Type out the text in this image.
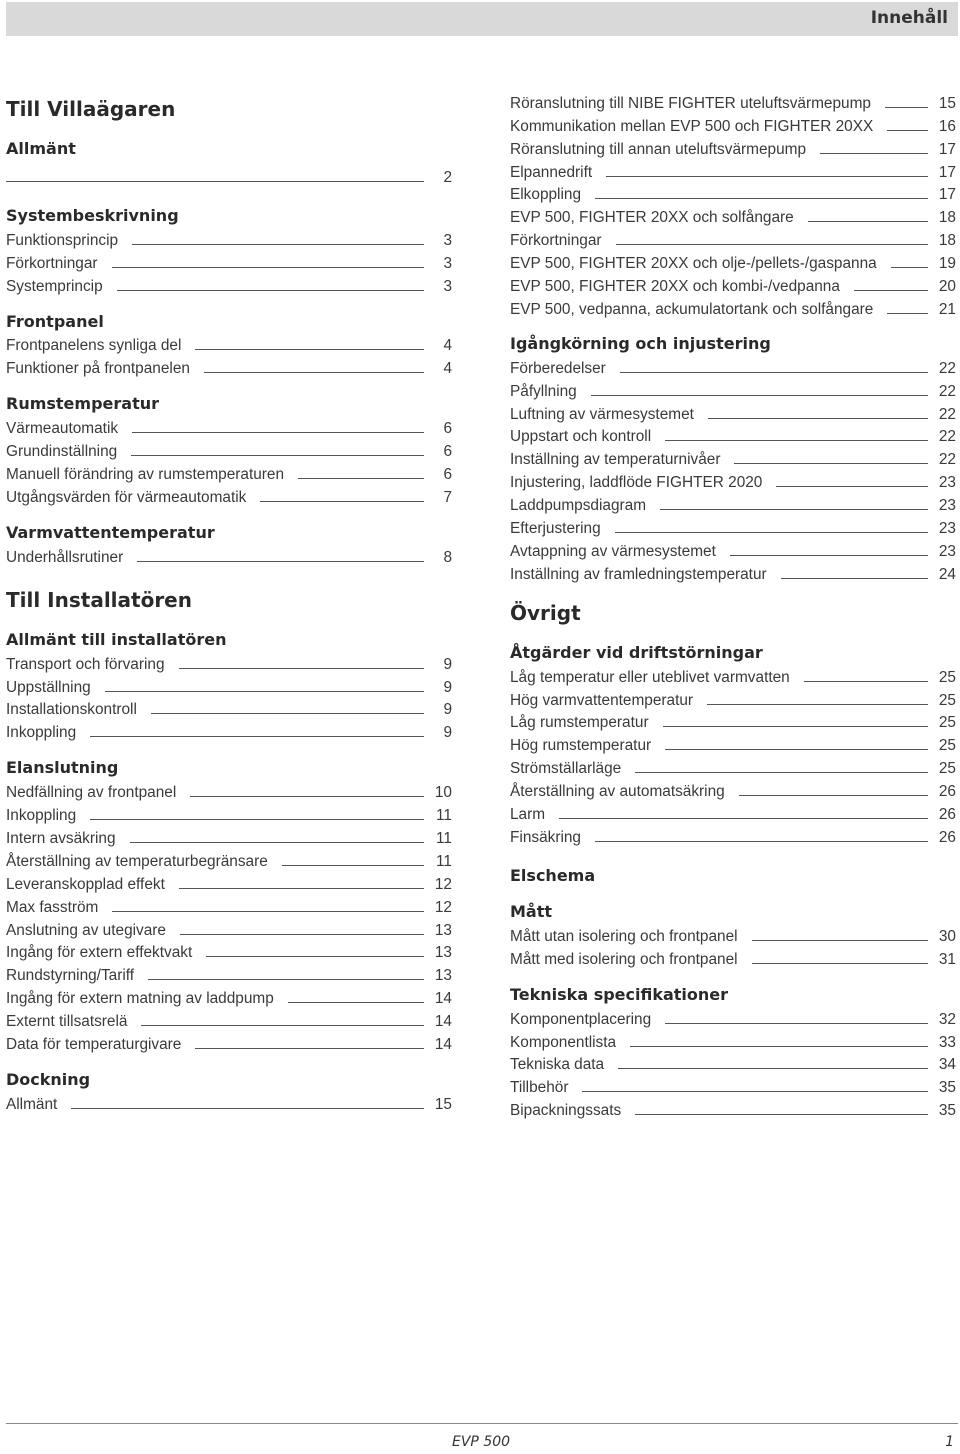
Innehåll
Till Villaägaren
Allmänt
2
Systembeskrivning
Funktionsprincip	3
Förkortningar	3
Systemprincip	3
Frontpanel
Frontpanelens synliga del	4
Funktioner på frontpanelen	4
Rumstemperatur
Värmeautomatik	6
Grundinställning	6
Manuell förändring av rumstemperaturen	6
Utgångsvärden för värmeautomatik	7
Varmvattentemperatur
Underhållsrutiner	8
Till Installatören
Allmänt till installatören
Transport och förvaring	9
Uppställning	9
Installationskontroll	9
Inkoppling	9
Elanslutning
Nedfällning av frontpanel	10
Inkoppling	11
Intern avsäkring	11
Återställning av temperaturbegränsare	11
Leveranskopplad effekt	12
Max fasström	12
Anslutning av utegivare	13
Ingång för extern effektvakt	13
Rundstyrning/Tariff	13
Ingång för extern matning av laddpump	14
Externt tillsatsrelä	14
Data för temperaturgivare	14
Dockning
Allmänt	15
Röranslutning till NIBE FIGHTER uteluftsvärmepump	15
Kommunikation mellan EVP 500 och FIGHTER 20XX	16
Röranslutning till annan uteluftsvärmepump	17
Elpannedrift	17
Elkoppling	17
EVP 500, FIGHTER 20XX och solfångare	18
Förkortningar	18
EVP 500, FIGHTER 20XX och olje-/pellets-/gaspanna	19
EVP 500, FIGHTER 20XX och kombi-/vedpanna	20
EVP 500, vedpanna, ackumulatortank och solfångare	21
Igångkörning och injustering
Förberedelser	22
Påfyllning	22
Luftning av värmesystemet	22
Uppstart och kontroll	22
Inställning av temperaturnivåer	22
Injustering, laddflöde FIGHTER 2020	23
Laddpumpsdiagram	23
Efterjustering	23
Avtappning av värmesystemet	23
Inställning av framledningstemperatur	24
Övrigt
Åtgärder vid driftstörningar
Låg temperatur eller uteblivet varmvatten	25
Hög varmvattentemperatur	25
Låg rumstemperatur	25
Hög rumstemperatur	25
Strömställarläge	25
Återställning av automatsäkring	26
Larm	26
Finsäkring	26
Elschema
Mått
Mått utan isolering och frontpanel	30
Mått med isolering och frontpanel	31
Tekniska specifikationer
Komponentplacering	32
Komponentlista	33
Tekniska data	34
Tillbehör	35
Bipackningssats	35
EVP 500	1
